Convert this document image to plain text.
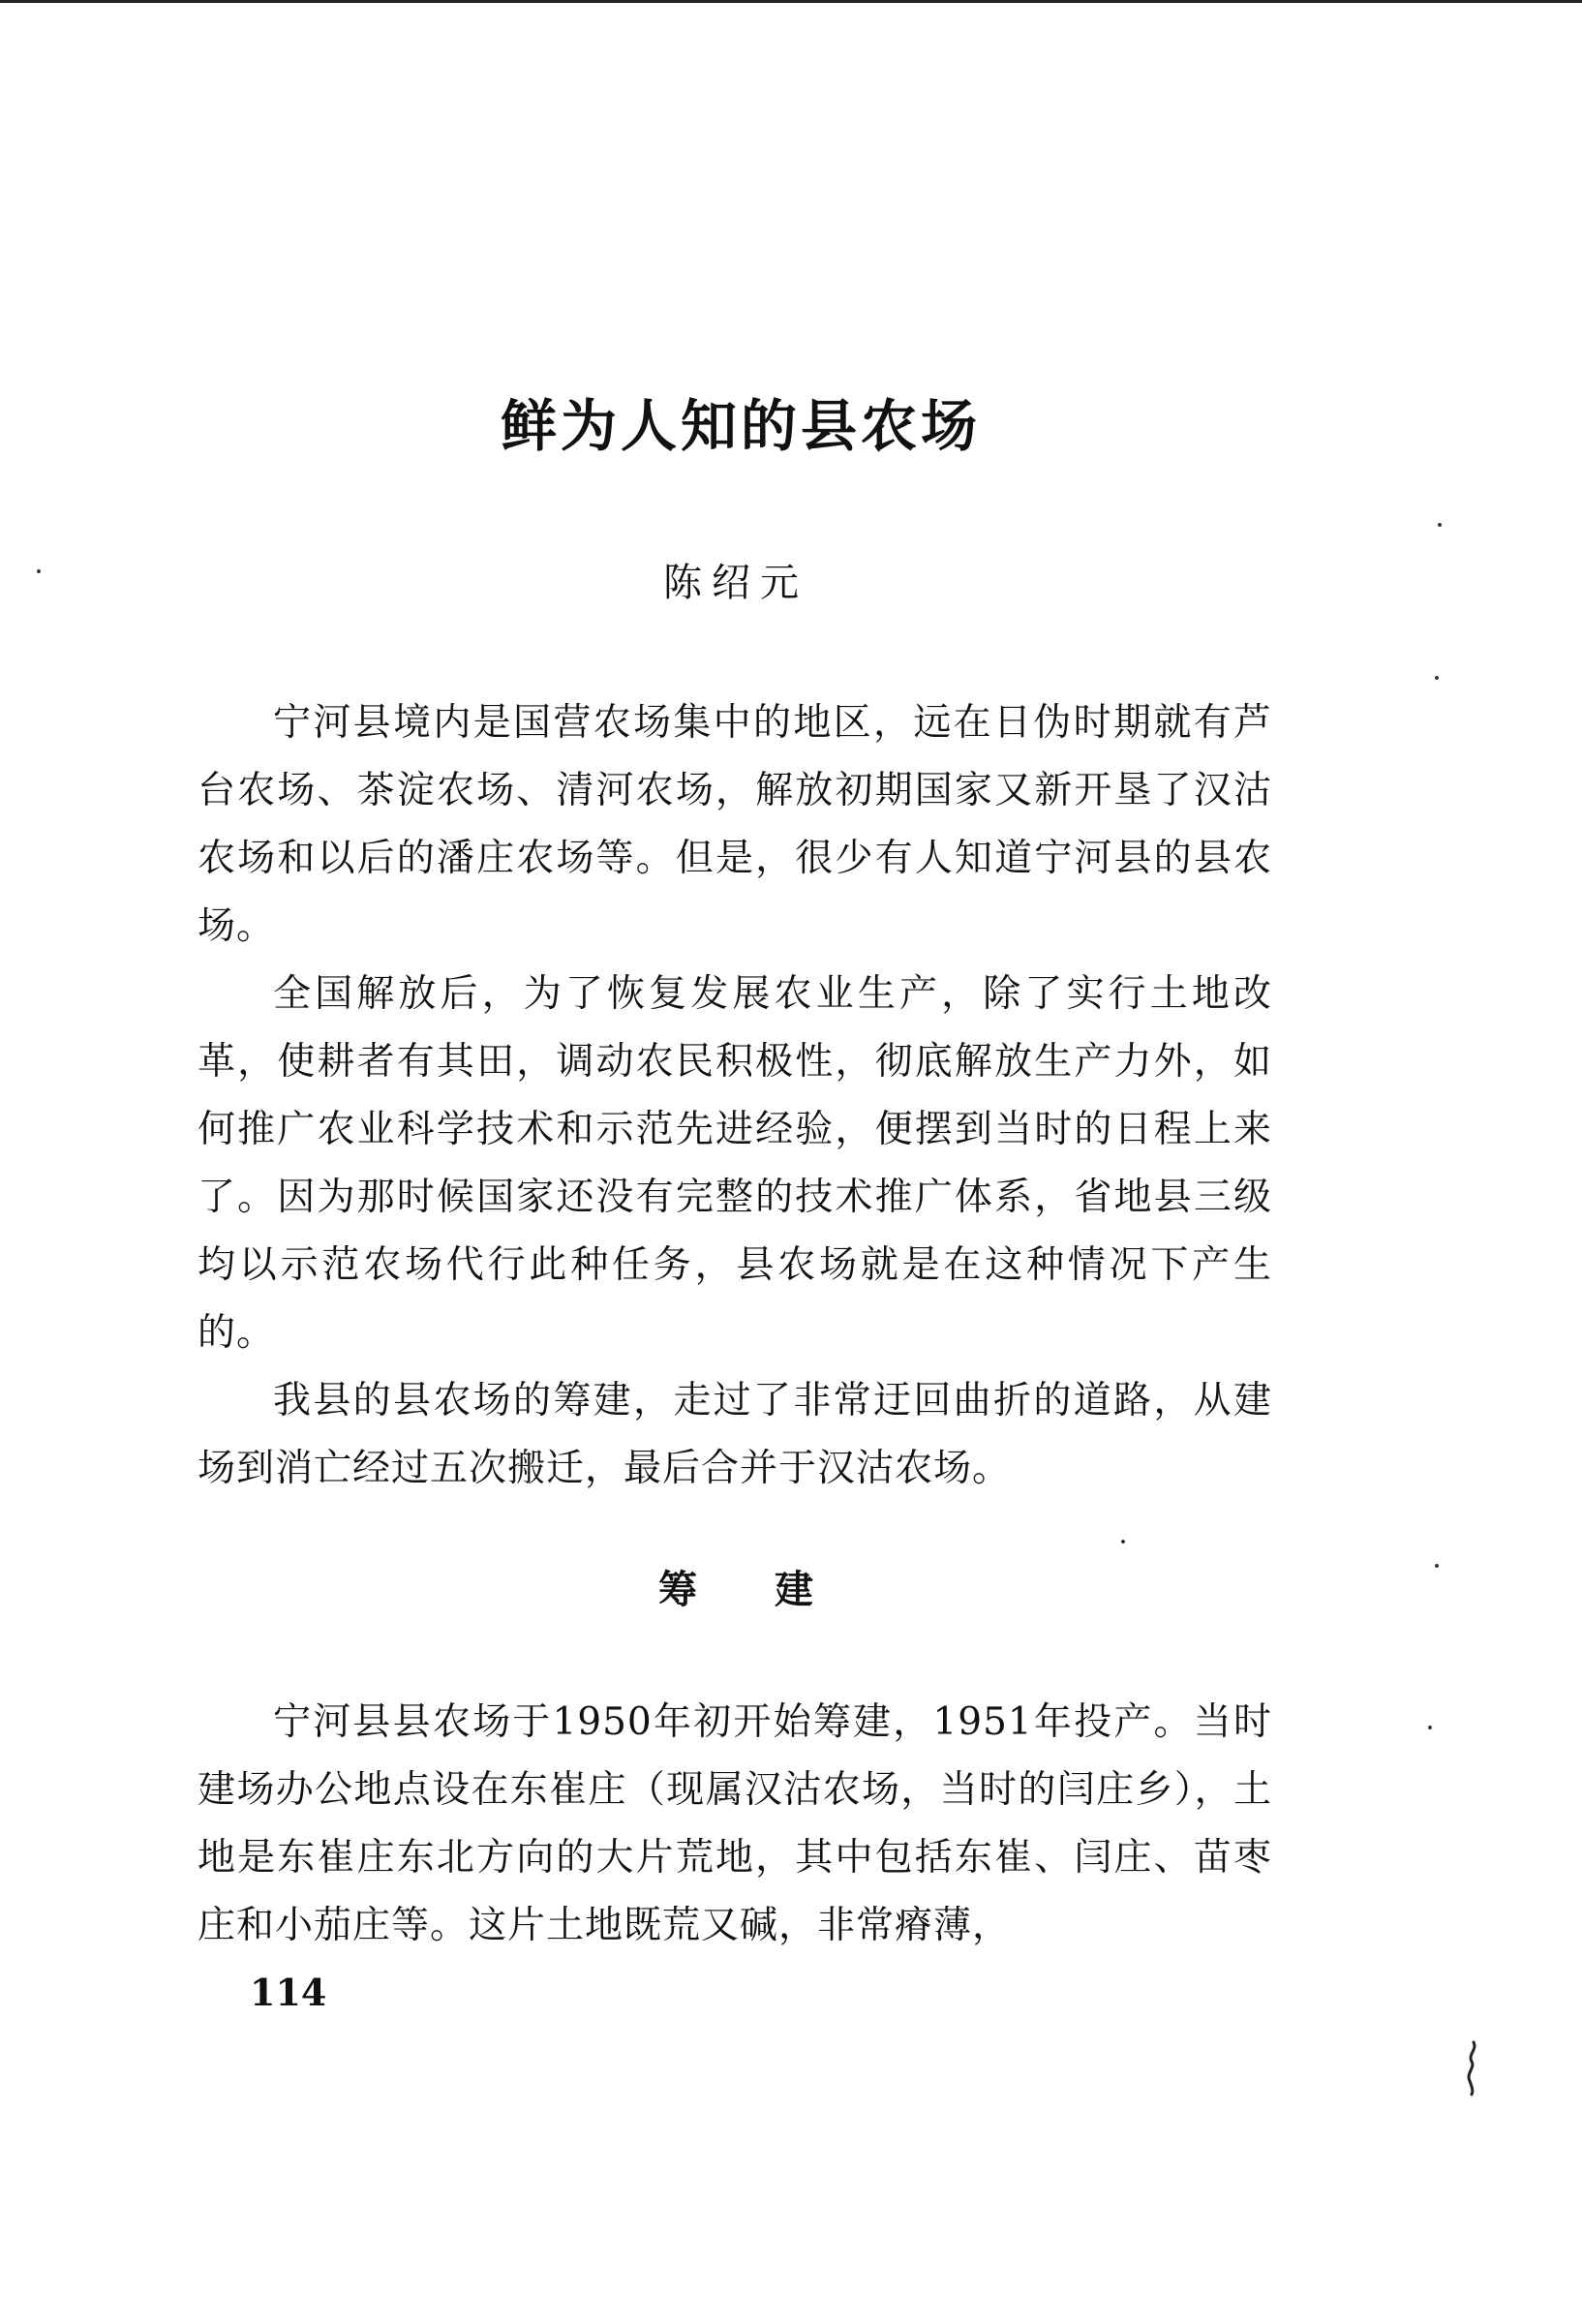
鲜为人知的县农场
陈绍元

宁河县境内是国营农场集中的地区，远在日伪时期就有芦台农场、茶淀农场、清河农场，解放初期国家又新开垦了汉沽农场和以后的潘庄农场等。但是，很少有人知道宁河县的县农场。

全国解放后，为了恢复发展农业生产，除了实行土地改革，使耕者有其田，调动农民积极性，彻底解放生产力外，如何推广农业科学技术和示范先进经验，便摆到当时的日程上来了。因为那时候国家还没有完整的技术推广体系，省地县三级均以示范农场代行此种任务，县农场就是在这种情况下产生的。

我县的县农场的筹建，走过了非常迂回曲折的道路，从建场到消亡经过五次搬迁，最后合并于汉沽农场。

筹建

宁河县县农场于1950年初开始筹建，1951年投产。当时建场办公地点设在东崔庄（现属汉沽农场，当时的闫庄乡），土地是东崔庄东北方向的大片荒地，其中包括东崔、闫庄、苗枣庄和小茄庄等。这片土地既荒又碱，非常瘠薄，

114
